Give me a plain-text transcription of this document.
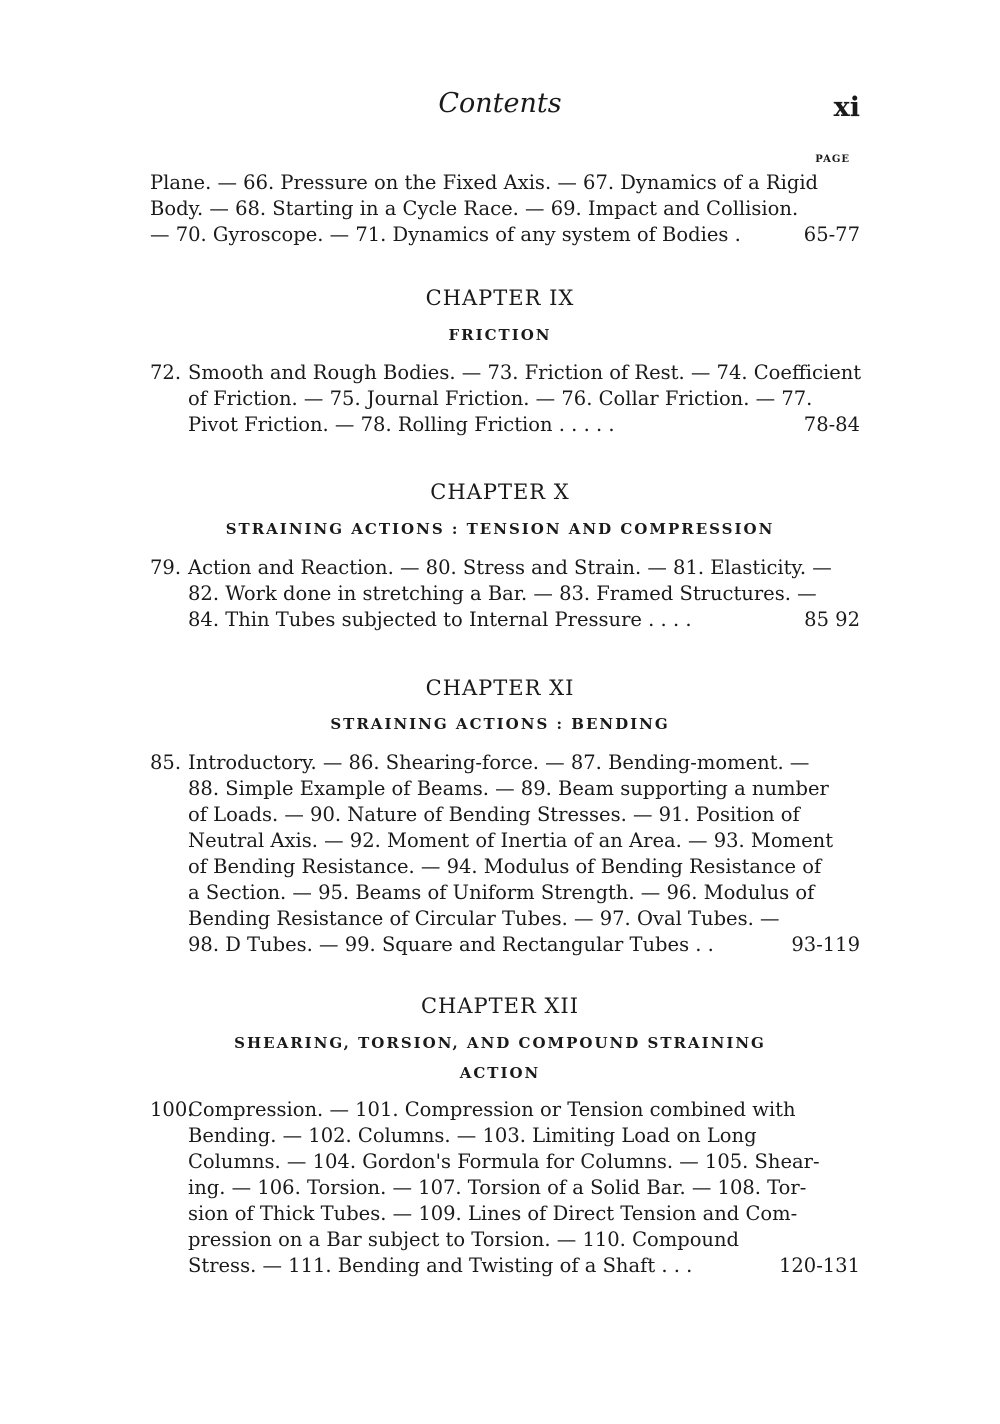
Contents	xi
PAGE
Plane. — 66. Pressure on the Fixed Axis. — 67. Dynamics of a Rigid
Body. — 68. Starting in a Cycle Race. — 69. Impact and Collision.
— 70. Gyroscope. — 71. Dynamics of any system of Bodies .	65-77
CHAPTER IX
FRICTION
72. Smooth and Rough Bodies. — 73. Friction of Rest. — 74. Coefficient
of Friction. — 75. Journal Friction. — 76. Collar Friction. — 77.
Pivot Friction. — 78. Rolling Friction . . . . .	78-84
CHAPTER X
STRAINING ACTIONS : TENSION AND COMPRESSION
79. Action and Reaction. — 80. Stress and Strain. — 81. Elasticity. —
82. Work done in stretching a Bar. — 83. Framed Structures. —
84. Thin Tubes subjected to Internal Pressure . . . .	85 92
CHAPTER XI
STRAINING ACTIONS : BENDING
85. Introductory. — 86. Shearing-force. — 87. Bending-moment. —
88. Simple Example of Beams. — 89. Beam supporting a number
of Loads. — 90. Nature of Bending Stresses. — 91. Position of
Neutral Axis. — 92. Moment of Inertia of an Area. — 93. Moment
of Bending Resistance. — 94. Modulus of Bending Resistance of
a Section. — 95. Beams of Uniform Strength. — 96. Modulus of
Bending Resistance of Circular Tubes. — 97. Oval Tubes. —
98. D Tubes. — 99. Square and Rectangular Tubes . .	93-119
CHAPTER XII
SHEARING, TORSION, AND COMPOUND STRAINING
ACTION
100.Compression. — 101. Compression or Tension combined with
Bending. — 102. Columns. — 103. Limiting Load on Long
Columns. — 104. Gordon's Formula for Columns. — 105. Shear-
ing. — 106. Torsion. — 107. Torsion of a Solid Bar. — 108. Tor-
sion of Thick Tubes. — 109. Lines of Direct Tension and Com-
pression on a Bar subject to Torsion. — 110. Compound
Stress. — 111. Bending and Twisting of a Shaft . . .	120-131
